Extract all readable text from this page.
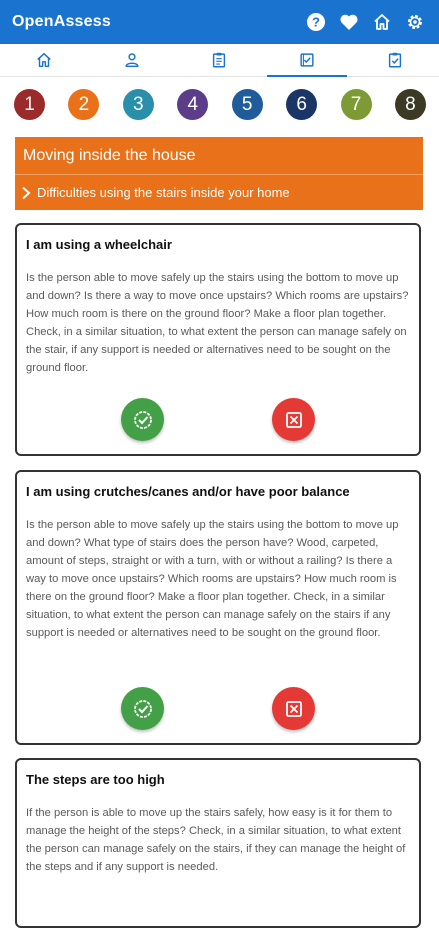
OpenAssess	?
1	2	3	4	5	6	7	8
Moving inside the house
Difficulties using the stairs inside your home
I am using a wheelchair

Is the person able to move safely up the stairs using the bottom to move up and down? Is there a way to move once upstairs? Which rooms are upstairs? How much room is there on the ground floor? Make a floor plan together. Check, in a similar situation, to what extent the person can manage safely on the stair, if any support is needed or alternatives need to be sought on the ground floor.

I am using crutches/canes and/or have poor balance

Is the person able to move safely up the stairs using the bottom to move up and down? What type of stairs does the person have? Wood, carpeted, amount of steps, straight or with a turn, with or without a railing? Is there a way to move once upstairs? Which rooms are upstairs? How much room is there on the ground floor? Make a floor plan together. Check, in a similar situation, to what extent the person can manage safely on the stairs if any support is needed or alternatives need to be sought on the ground floor.

The steps are too high

If the person is able to move up the stairs safely, how easy is it for them to manage the height of the steps? Check, in a similar situation, to what extent the person can manage safely on the stairs, if they can manage the height of the steps and if any support is needed.
